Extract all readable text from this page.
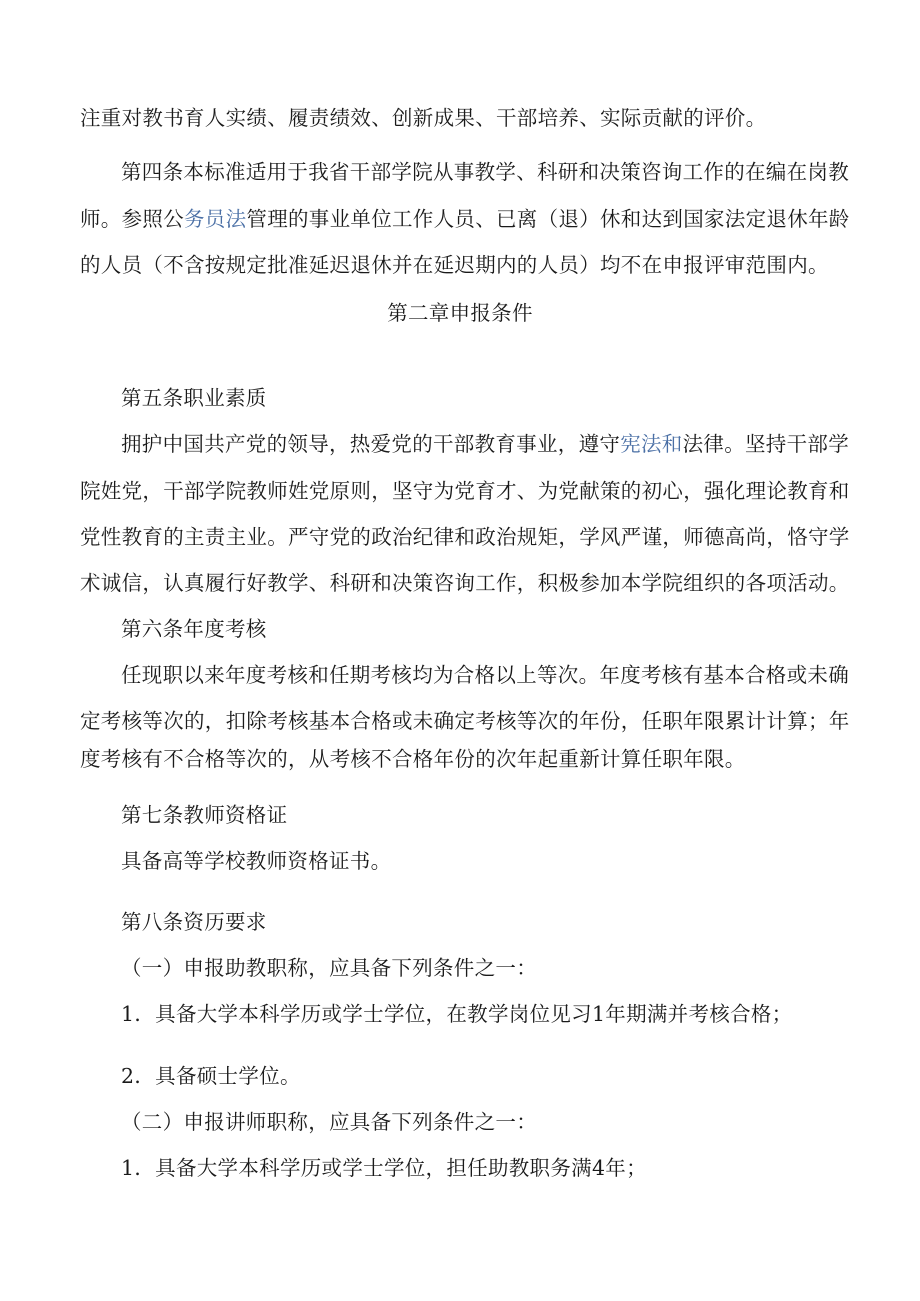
注重对教书育人实绩、履责绩效、创新成果、干部培养、实际贡献的评价。
第四条本标准适用于我省干部学院从事教学、科研和决策咨询工作的在编在岗教
师。参照公务员法管理的事业单位工作人员、已离（退）休和达到国家法定退休年龄
的人员（不含按规定批准延迟退休并在延迟期内的人员）均不在申报评审范围内。
第二章申报条件
第五条职业素质
拥护中国共产党的领导，热爱党的干部教育事业，遵守宪法和法律。坚持干部学
院姓党，干部学院教师姓党原则，坚守为党育才、为党献策的初心，强化理论教育和
党性教育的主责主业。严守党的政治纪律和政治规矩，学风严谨，师德高尚，恪守学
术诚信，认真履行好教学、科研和决策咨询工作，积极参加本学院组织的各项活动。
第六条年度考核
任现职以来年度考核和任期考核均为合格以上等次。年度考核有基本合格或未确
定考核等次的，扣除考核基本合格或未确定考核等次的年份，任职年限累计计算；年
度考核有不合格等次的，从考核不合格年份的次年起重新计算任职年限。
第七条教师资格证
具备高等学校教师资格证书。
第八条资历要求
（一）申报助教职称，应具备下列条件之一：
1．具备大学本科学历或学士学位，在教学岗位见习1年期满并考核合格；
2．具备硕士学位。
（二）申报讲师职称，应具备下列条件之一：
1．具备大学本科学历或学士学位，担任助教职务满4年；
